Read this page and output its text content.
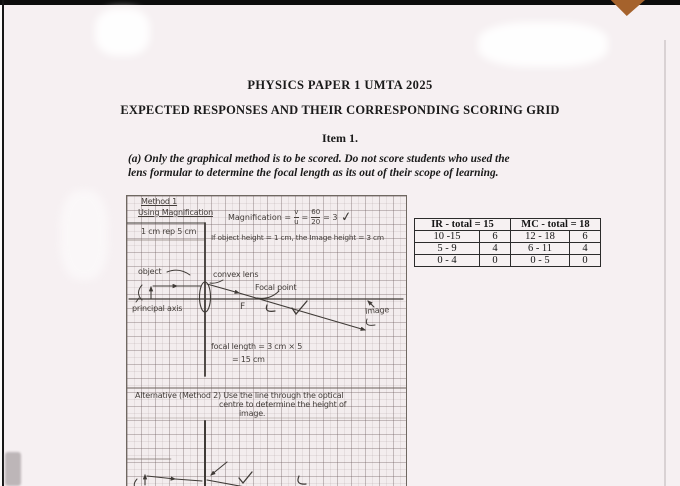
PHYSICS PAPER 1 UMTA 2025
EXPECTED RESPONSES AND THEIR CORRESPONDING SCORING GRID
Item 1.
(a) Only the graphical method is to be scored. Do not score students who used the
lens formular to determine the focal length as its out of their scope of learning.
Method 1
Using Magnification
1 cm rep 5 cm
Magnification = $\frac{v}{u} = \frac{60}{20} = 3$ ✓
If object height = 1 cm, the Image height = 3 cm
object	convex lens
Focal point
F
principal axis	Image
focal length = 3 cm × 5
= 15 cm
Alternative (Method 2) Use the line through the optical
centre to determine the height of
image.
IR - total = 15		MC - total = 18	
10 -15	6	12 - 18	6
5 - 9	4	6 - 11	4
0 - 4	0	0 - 5	0
